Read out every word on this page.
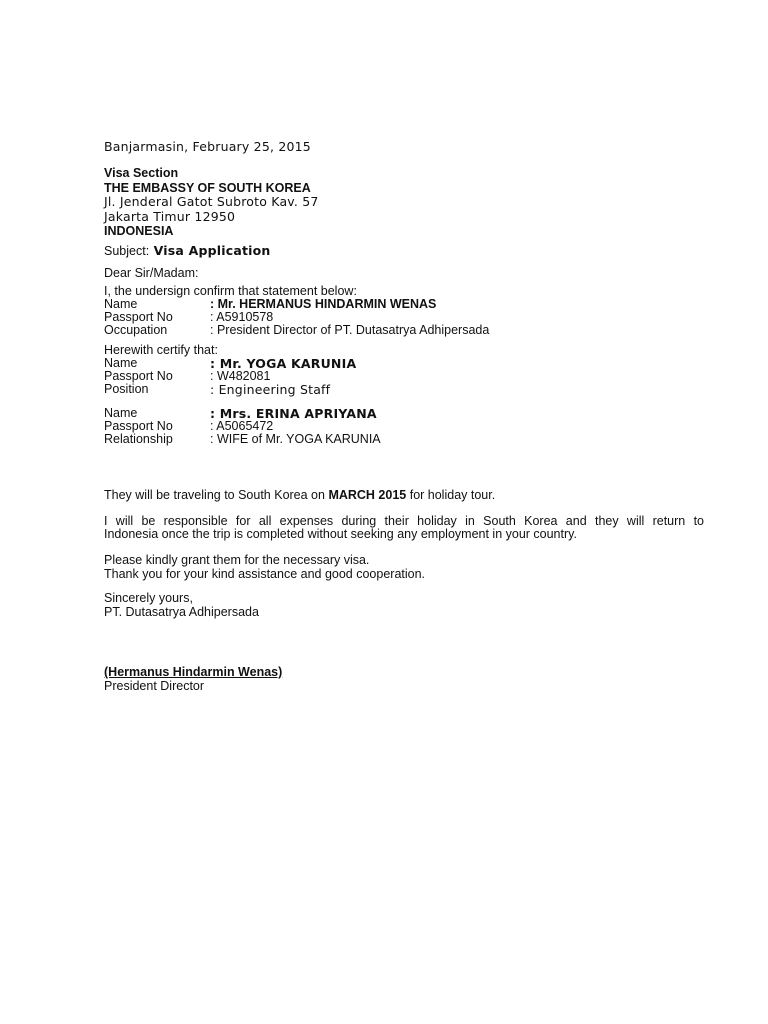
Banjarmasin, February 25, 2015
Visa Section
THE EMBASSY OF SOUTH KOREA
Jl. Jenderal Gatot Subroto Kav. 57
Jakarta Timur 12950
INDONESIA
Subject: Visa Application
Dear Sir/Madam:
I, the undersign confirm that statement below:
Name	: Mr. HERMANUS HINDARMIN WENAS
Passport No	: A5910578
Occupation	: President Director of PT. Dutasatrya Adhipersada
Herewith certify that:
Name	: Mr. YOGA KARUNIA
Passport No	: W482081
Position	: Engineering Staff
Name	: Mrs. ERINA APRIYANA
Passport No	: A5065472
Relationship	: WIFE of Mr. YOGA KARUNIA
They will be traveling to South Korea on MARCH 2015 for holiday tour.
I will be responsible for all expenses during their holiday in South Korea and they will return to
Indonesia once the trip is completed without seeking any employment in your country.
Please kindly grant them for the necessary visa.
Thank you for your kind assistance and good cooperation.
Sincerely yours,
PT. Dutasatrya Adhipersada
(Hermanus Hindarmin Wenas)
President Director
